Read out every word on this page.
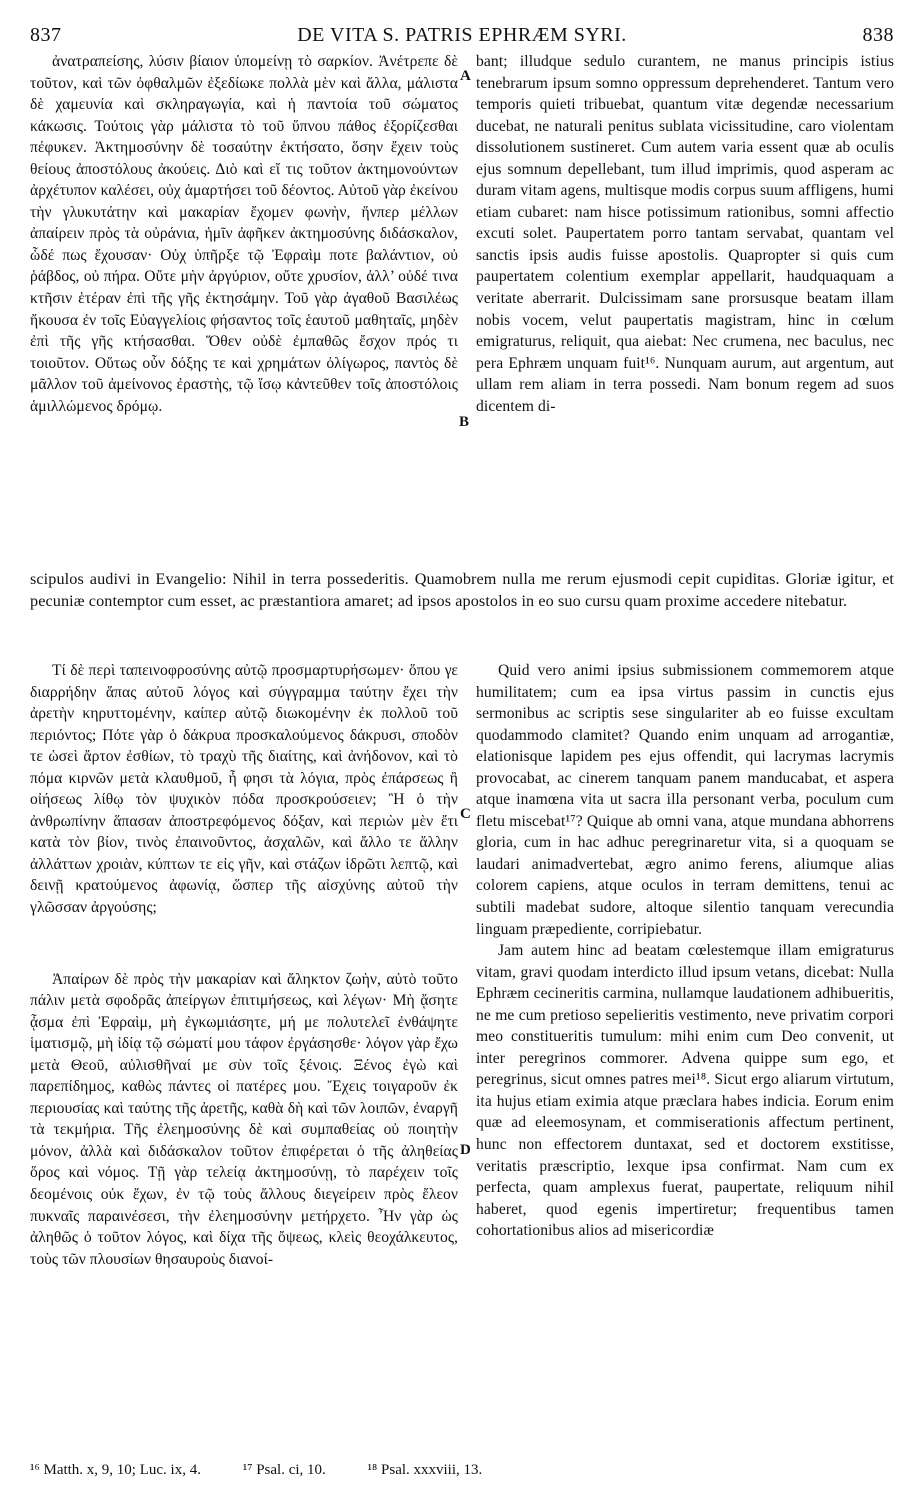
837	DE VITA S. PATRIS EPHRÆM SYRI.	838

ἀνατραπείσης, λύσιν βίαιον ὑπομείνῃ τὸ σαρκίον. Ἀνέτρεπε δὲ τοῦτον, καὶ τῶν ὀφθαλμῶν ἐξεδίωκε πολλὰ μὲν καὶ ἄλλα, μάλιστα δὲ χαμευνία καὶ σκληραγωγία, καὶ ἡ παντοία τοῦ σώματος κάκωσις. Τούτοις γὰρ μάλιστα τὸ τοῦ ὕπνου πάθος ἐξορίζεσθαι πέφυκεν. Ἀκτημοσύνην δὲ τοσαύτην ἐκτήσατο, ὅσην ἔχειν τοὺς θείους ἀποστόλους ἀκούεις. Διὸ καὶ εἴ τις τοῦτον ἀκτημονούντων ἀρχέτυπον καλέσει, οὐχ ἁμαρτήσει τοῦ δέοντος. Αὐτοῦ γὰρ ἐκείνου τὴν γλυκυτάτην καὶ μακαρίαν ἔχομεν φωνὴν, ἥνπερ μέλλων ἀπαίρειν πρὸς τὰ οὐράνια, ἡμῖν ἀφῆκεν ἀκτημοσύνης διδάσκαλον, ὧδέ πως ἔχουσαν· Οὐχ ὑπῆρξε τῷ Ἐφραὶμ ποτε βαλάντιον, οὐ ῥάβδος, οὐ πήρα. Οὔτε μὴν ἀργύριον, οὔτε χρυσίον, ἀλλ’ οὐδέ τινα κτῆσιν ἑτέραν ἐπὶ τῆς γῆς ἐκτησάμην. Τοῦ γὰρ ἀγαθοῦ Βασιλέως ἤκουσα ἐν τοῖς Εὐαγγελίοις φήσαντος τοῖς ἑαυτοῦ μαθηταῖς, μηδὲν ἐπὶ τῆς γῆς κτήσασθαι. Ὅθεν οὐδὲ ἐμπαθῶς ἔσχον πρός τι τοιοῦτον. Οὕτως οὖν δόξης τε καὶ χρημάτων ὀλίγωρος, παντὸς δὲ μᾶλλον τοῦ ἀμείνονος ἐραστὴς, τῷ ἴσῳ κἀντεῦθεν τοῖς ἀποστόλοις ἁμιλλώμενος δρόμῳ.

bant; illudque sedulo curantem, ne manus principis istius tenebrarum ipsum somno oppressum deprehenderet. Tantum vero temporis quieti tribuebat, quantum vitæ degendæ necessarium ducebat, ne naturali penitus sublata vicissitudine, caro violentam dissolutionem sustineret. Cum autem varia essent quæ ab oculis ejus somnum depellebant, tum illud imprimis, quod asperam ac duram vitam agens, multisque modis corpus suum affligens, humi etiam cubaret: nam hisce potissimum rationibus, somni affectio excuti solet. Paupertatem porro tantam servabat, quantam vel sanctis ipsis audis fuisse apostolis. Quapropter si quis cum paupertatem colentium exemplar appellarit, haudquaquam a veritate aberrarit. Dulcissimam sane prorsusque beatam illam nobis vocem, velut paupertatis magistram, hinc in cœlum emigraturus, reliquit, qua aiebat: Nec crumena, nec baculus, nec pera Ephræm unquam fuit¹⁶. Nunquam aurum, aut argentum, aut ullam rem aliam in terra possedi. Nam bonum regem ad suos dicentem di-

scipulos audivi in Evangelio: Nihil in terra possederitis. Quamobrem nulla me rerum ejusmodi cepit cupiditas. Gloriæ igitur, et pecuniæ contemptor cum esset, ac præstantiora amaret; ad ipsos apostolos in eo suo cursu quam proxime accedere nitebatur.

Τί δὲ περὶ ταπεινοφροσύνης αὐτῷ προσμαρτυρήσωμεν· ὅπου γε διαρρήδην ἅπας αὐτοῦ λόγος καὶ σύγγραμμα ταύτην ἔχει τὴν ἀρετὴν κηρυττομένην, καίπερ αὐτῷ διωκομένην ἐκ πολλοῦ τοῦ περιόντος; Πότε γὰρ ὁ δάκρυα προσκαλούμενος δάκρυσι, σποδὸν τε ὡσεὶ ἄρτον ἐσθίων, τὸ τραχὺ τῆς διαίτης, καὶ ἀνήδονον, καὶ τὸ πόμα κιρνῶν μετὰ κλαυθμοῦ, ἦ φησι τὰ λόγια, πρὸς ἐπάρσεως ἢ οἰήσεως λίθῳ τὸν ψυχικὸν πόδα προσκρούσειεν; Ἢ ὁ τὴν ἀνθρωπίνην ἅπασαν ἀποστρεφόμενος δόξαν, καὶ περιὼν μὲν ἔτι κατὰ τὸν βίον, τινὸς ἐπαινοῦντος, ἀσχαλῶν, καὶ ἄλλο τε ἄλλην ἀλλάττων χροιὰν, κύπτων τε εἰς γῆν, καὶ στάζων ἱδρῶτι λεπτῷ, καὶ δεινῇ κρατούμενος ἀφωνίᾳ, ὥσπερ τῆς αἰσχύνης αὐτοῦ τὴν γλῶσσαν ἀργούσης;

Ἀπαίρων δὲ πρὸς τὴν μακαρίαν καὶ ἄληκτον ζωὴν, αὐτὸ τοῦτο πάλιν μετὰ σφοδρᾶς ἀπείργων ἐπιτιμήσεως, καὶ λέγων· Μὴ ᾄσητε ᾆσμα ἐπὶ Ἐφραὶμ, μὴ ἐγκωμιάσητε, μή με πολυτελεῖ ἐνθάψητε ἱματισμῷ, μὴ ἰδίᾳ τῷ σώματί μου τάφον ἐργάσησθε· λόγον γὰρ ἔχω μετὰ Θεοῦ, αὐλισθῆναί με σὺν τοῖς ξένοις. Ξένος ἐγὼ καὶ παρεπίδημος, καθὼς πάντες οἱ πατέρες μου. Ἔχεις τοιγαροῦν ἐκ περιουσίας καὶ ταύτης τῆς ἀρετῆς, καθὰ δὴ καὶ τῶν λοιπῶν, ἐναργῆ τὰ τεκμήρια. Τῆς ἐλεημοσύνης δὲ καὶ συμπαθείας οὐ ποιητὴν μόνον, ἀλλὰ καὶ διδάσκαλον τοῦτον ἐπιφέρεται ὁ τῆς ἀληθείας ὅρος καὶ νόμος. Τῇ γὰρ τελείᾳ ἀκτημοσύνῃ, τὸ παρέχειν τοῖς δεομένοις οὐκ ἔχων, ἐν τῷ τοὺς ἄλλους διεγείρειν πρὸς ἔλεον πυκναῖς παραινέσεσι, τὴν ἐλεημοσύνην μετήρχετο. Ἦν γὰρ ὡς ἀληθῶς ὁ τοῦτον λόγος, καὶ δίχα τῆς ὄψεως, κλεὶς θεοχάλκευτος, τοὺς τῶν πλουσίων θησαυροὺς διανοί-

Quid vero animi ipsius submissionem commemorem atque humilitatem; cum ea ipsa virtus passim in cunctis ejus sermonibus ac scriptis sese singulariter ab eo fuisse excultam quodammodo clamitet? Quando enim unquam ad arrogantiæ, elationisque lapidem pes ejus offendit, qui lacrymas lacrymis provocabat, ac cinerem tanquam panem manducabat, et aspera atque inamœna vita ut sacra illa personant verba, poculum cum fletu miscebat¹⁷? Quique ab omni vana, atque mundana abhorrens gloria, cum in hac adhuc peregrinaretur vita, si a quoquam se laudari animadvertebat, ægro animo ferens, aliumque alias colorem capiens, atque oculos in terram demittens, tenui ac subtili madebat sudore, altoque silentio tanquam verecundia linguam præpediente, corripiebatur.

Jam autem hinc ad beatam cœlestemque illam emigraturus vitam, gravi quodam interdicto illud ipsum vetans, dicebat: Nulla Ephræm cecineritis carmina, nullamque laudationem adhibueritis, ne me cum pretioso sepelieritis vestimento, neve privatim corpori meo constitueritis tumulum: mihi enim cum Deo convenit, ut inter peregrinos commorer. Advena quippe sum ego, et peregrinus, sicut omnes patres mei¹⁸. Sicut ergo aliarum virtutum, ita hujus etiam eximia atque præclara habes indicia. Eorum enim quæ ad eleemosynam, et commiserationis affectum pertinent, hunc non effectorem duntaxat, sed et doctorem exstitisse, veritatis præscriptio, lexque ipsa confirmat. Nam cum ex perfecta, quam amplexus fuerat, paupertate, reliquum nihil haberet, quod egenis impertiretur; frequentibus tamen cohortationibus alios ad misericordiæ

A
B
C
D
¹⁶ Matth. x, 9, 10; Luc. ix, 4.	¹⁷ Psal. ci, 10.	¹⁸ Psal. xxxviii, 13.
